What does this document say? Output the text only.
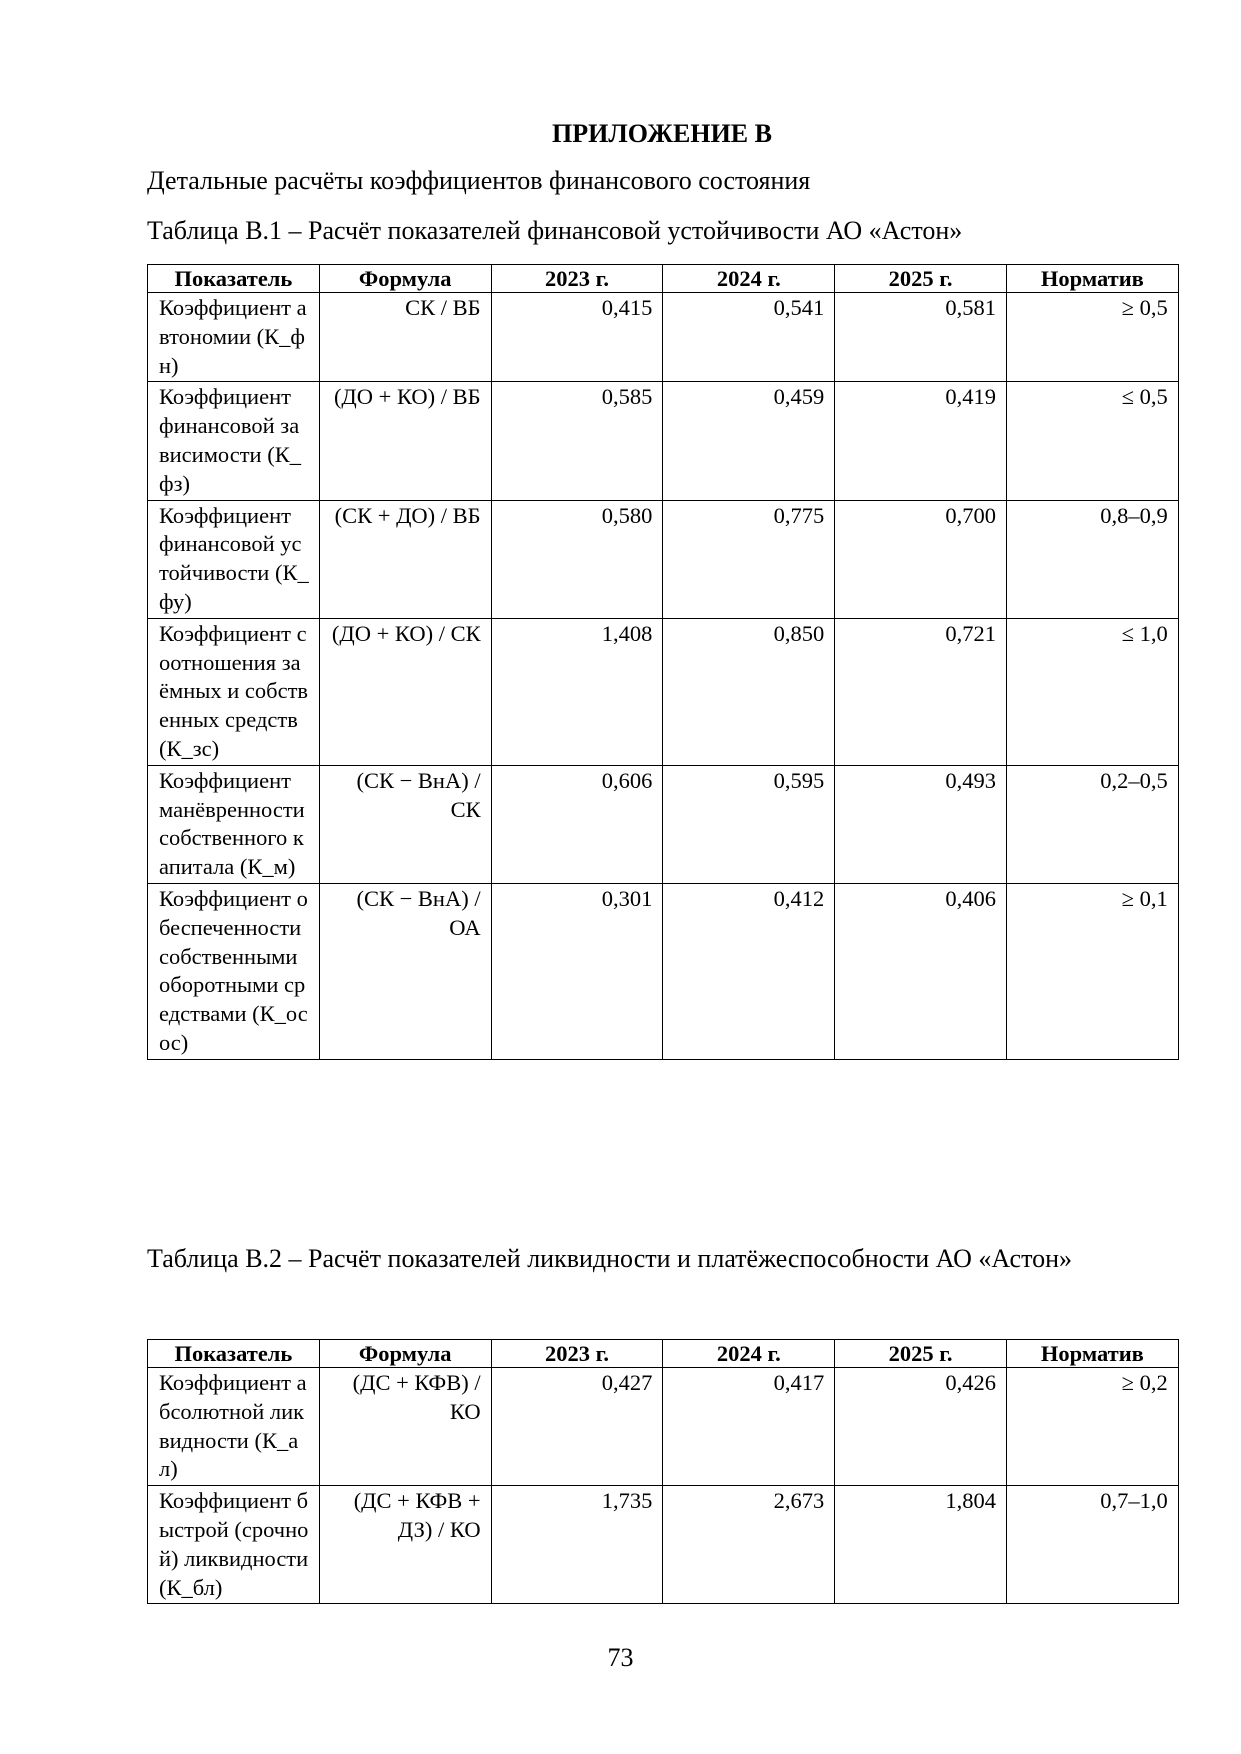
ПРИЛОЖЕНИЕ В

Детальные расчёты коэффициентов финансового состояния

Таблица В.1 – Расчёт показателей финансовой устойчивости АО «Астон»

Показатель	Формула	2023 г.	2024 г.	2025 г.	Норматив
Коэффициент автономии (К_фн)	СК / ВБ	0,415	0,541	0,581	≥ 0,5
Коэффициент финансовой зависимости (К_фз)	(ДО + КО) / ВБ	0,585	0,459	0,419	≤ 0,5
Коэффициент финансовой устойчивости (К_фу)	(СК + ДО) / ВБ	0,580	0,775	0,700	0,8–0,9
Коэффициент соотношения заёмных и собственных средств (К_зс)	(ДО + КО) / СК	1,408	0,850	0,721	≤ 1,0
Коэффициент манёвренности собственного капитала (К_м)	(СК − ВнА) / СК	0,606	0,595	0,493	0,2–0,5
Коэффициент обеспеченности собственными оборотными средствами (К_осос)	(СК − ВнА) / ОА	0,301	0,412	0,406	≥ 0,1

Таблица В.2 – Расчёт показателей ликвидности и платёжеспособности АО «Астон»

Показатель	Формула	2023 г.	2024 г.	2025 г.	Норматив
Коэффициент абсолютной ликвидности (К_ал)	(ДС + КФВ) / КО	0,427	0,417	0,426	≥ 0,2
Коэффициент быстрой (срочной) ликвидности (К_бл)	(ДС + КФВ + ДЗ) / КО	1,735	2,673	1,804	0,7–1,0

73
